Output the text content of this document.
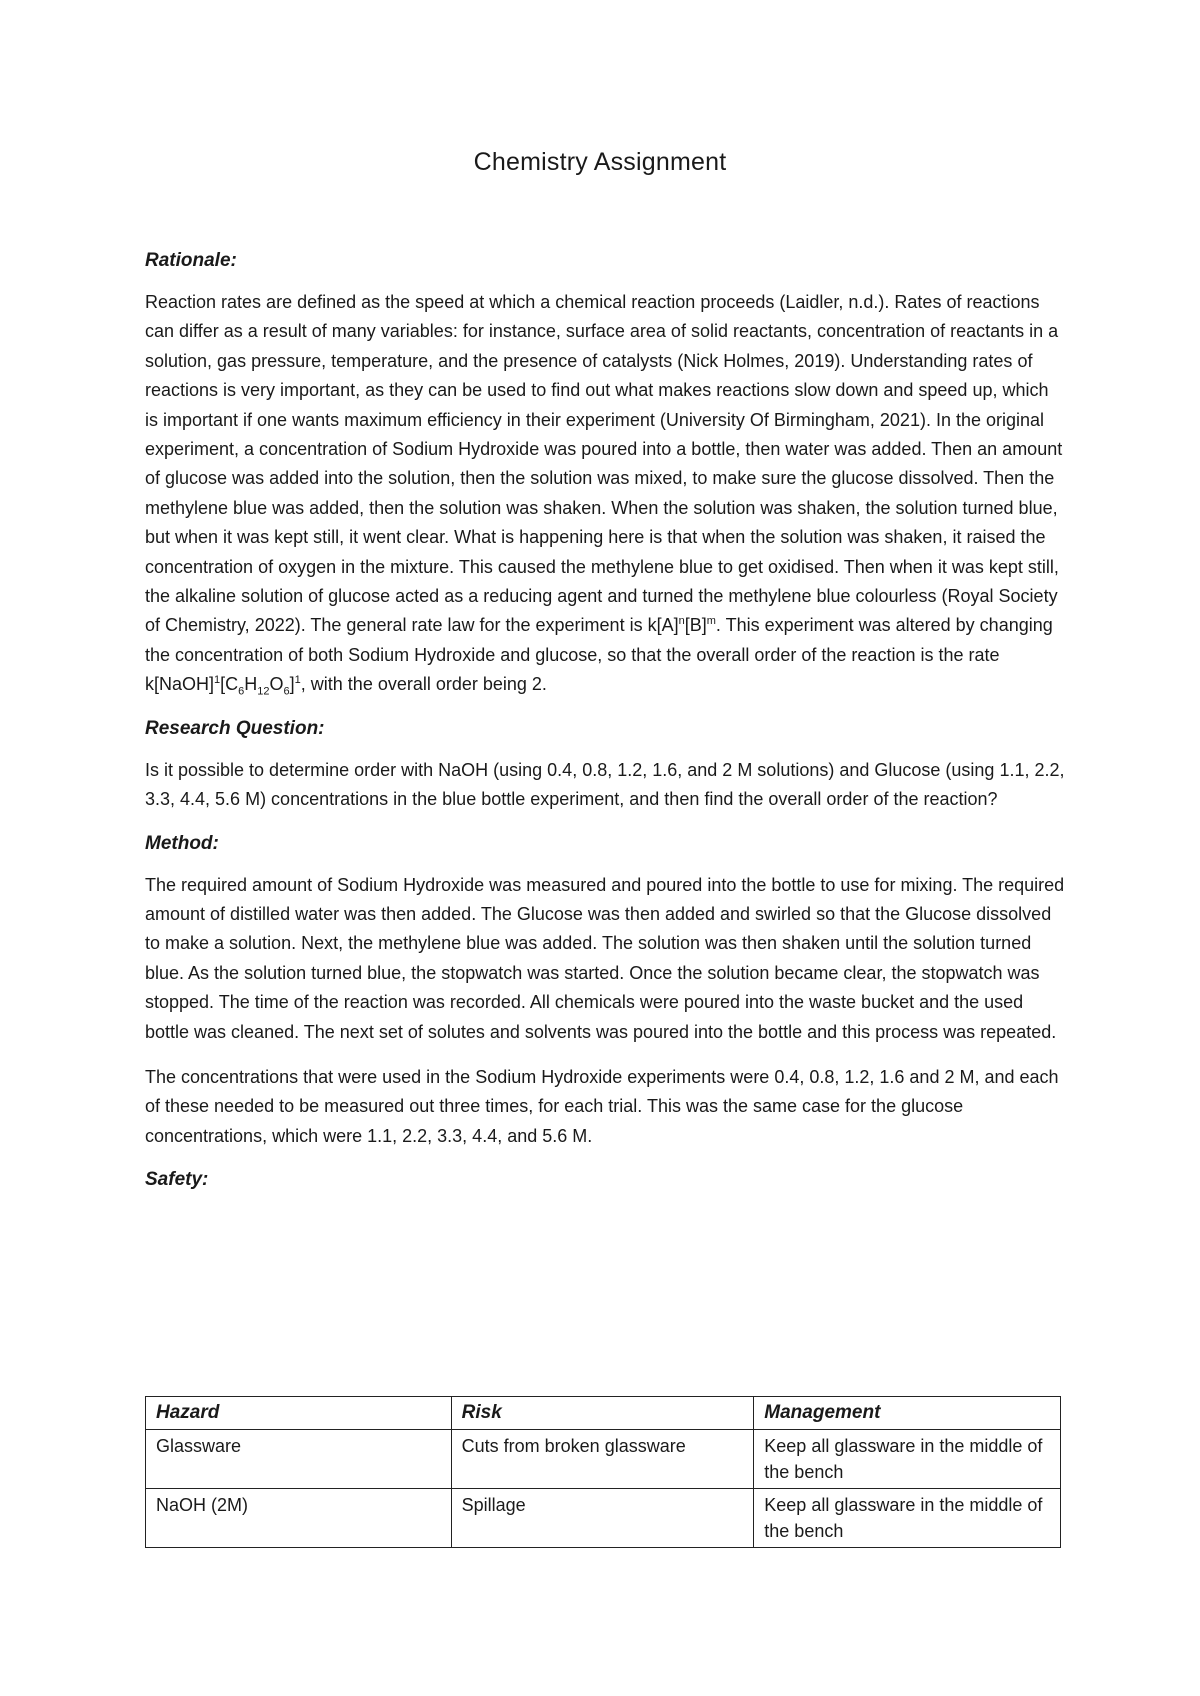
Chemistry Assignment
Rationale:

Reaction rates are defined as the speed at which a chemical reaction proceeds (Laidler, n.d.). Rates of reactions can differ as a result of many variables: for instance, surface area of solid reactants, concentration of reactants in a solution, gas pressure, temperature, and the presence of catalysts (Nick Holmes, 2019). Understanding rates of reactions is very important, as they can be used to find out what makes reactions slow down and speed up, which is important if one wants maximum efficiency in their experiment (University Of Birmingham, 2021). In the original experiment, a concentration of Sodium Hydroxide was poured into a bottle, then water was added. Then an amount of glucose was added into the solution, then the solution was mixed, to make sure the glucose dissolved. Then the methylene blue was added, then the solution was shaken. When the solution was shaken, the solution turned blue, but when it was kept still, it went clear. What is happening here is that when the solution was shaken, it raised the concentration of oxygen in the mixture. This caused the methylene blue to get oxidised. Then when it was kept still, the alkaline solution of glucose acted as a reducing agent and turned the methylene blue colourless (Royal Society of Chemistry, 2022). The general rate law for the experiment is $k[A]^n[B]^m$. This experiment was altered by changing the concentration of both Sodium Hydroxide and glucose, so that the overall order of the reaction is the rate $k[NaOH]^1[C_6H_{12}O_6]^1$, with the overall order being 2.

Research Question:

Is it possible to determine order with NaOH (using 0.4, 0.8, 1.2, 1.6, and 2 M solutions) and Glucose (using 1.1, 2.2, 3.3, 4.4, 5.6 M) concentrations in the blue bottle experiment, and then find the overall order of the reaction?

Method:

The required amount of Sodium Hydroxide was measured and poured into the bottle to use for mixing. The required amount of distilled water was then added. The Glucose was then added and swirled so that the Glucose dissolved to make a solution. Next, the methylene blue was added. The solution was then shaken until the solution turned blue. As the solution turned blue, the stopwatch was started. Once the solution became clear, the stopwatch was stopped. The time of the reaction was recorded. All chemicals were poured into the waste bucket and the used bottle was cleaned. The next set of solutes and solvents was poured into the bottle and this process was repeated.

The concentrations that were used in the Sodium Hydroxide experiments were 0.4, 0.8, 1.2, 1.6 and 2 M, and each of these needed to be measured out three times, for each trial. This was the same case for the glucose concentrations, which were 1.1, 2.2, 3.3, 4.4, and 5.6 M.

Safety:
Hazard	Risk	Management
Glassware	Cuts from broken glassware	Keep all glassware in the middle of the bench
NaOH (2M)	Spillage	Keep all glassware in the middle of the bench
